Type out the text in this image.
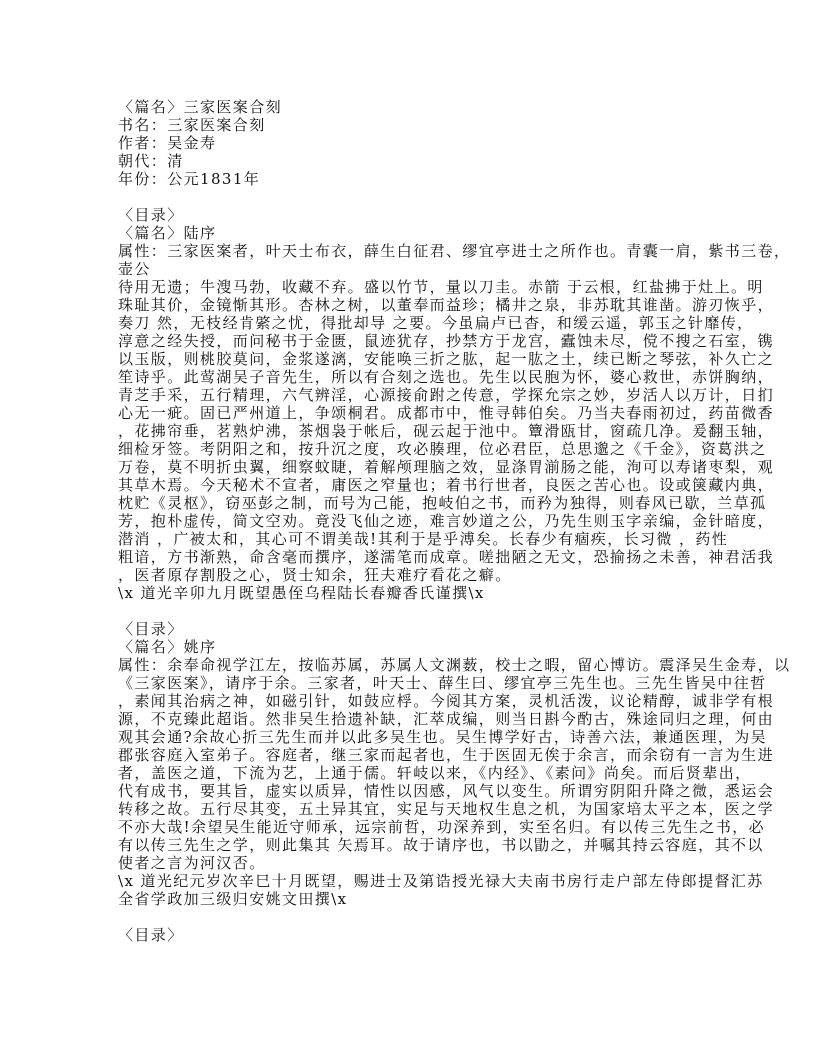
〈篇名〉三家医案合刻
书名：三家医案合刻
作者：吴金寿
朝代：清
年份：公元1831年
〈目录〉
〈篇名〉陆序
属性：三家医案者，叶天士布衣，薛生白征君、缪宜亭进士之所作也。青囊一肩，紫书三卷，
壶公
待用无遗；牛溲马勃，收藏不弃。盛以竹节，量以刀圭。赤箭 于云根，红盐拂于灶上。明
珠耻其价，金镜惭其形。杏林之树，以董奉而益珍；橘井之泉，非苏耽其谁凿。游刃恢乎，
奏刀 然，无枝经肯綮之忧，得批却导 之要。今虽扁卢已杳，和缓云遥，郭玉之针靡传，
淳意之经失授，而问秘书于金匮，鼠迹犹存，抄禁方于龙宫，蠹蚀未尽，傥不搜之石室，镌
以玉版，则桃胶莫问，金浆遂漓，安能唤三折之肱，起一肱之土，续已断之琴弦，补久亡之
笙诗乎。此莺湖吴子音先生，所以有合刻之选也。先生以民胞为怀，婆心救世，赤饼胸纳，
青芝手采，五行精理，六气辨淫，心源接俞跗之传意，学探允宗之妙，岁活人以万计，日扪
心无一疵。固已严州道上，争颂桐君。成都市中，惟寻韩伯矣。乃当夫春雨初过，药苗微香
，花拂帘垂，茗熟炉沸，茶烟袅于帐后，砚云起于池中。簟滑瓯甘，窗疏几净。爰翻玉轴，
细检牙签。考阴阳之和，按升沉之度，攻必腠理，位必君臣，总思邈之《千金》，资葛洪之
万卷，莫不明折虫翼，细察蚊睫，着解颅理脑之效，显涤胃湔肠之能，洵可以寿诸枣梨，观
其草木焉。今天秘术不宣者，庸医之窄量也；着书行世者，良医之苦心也。设或箧藏内典，
枕贮《灵枢》，窃巫彭之制，而号为己能，抱岐伯之书，而矜为独得，则春风已歇，兰草孤
芳，抱朴虚传，简文空劝。竟没飞仙之迹，难言妙道之公，乃先生则玉字亲编，金针暗度，
潜消 ，广被太和，其心可不谓美哉!其利于是乎溥矣。长春少有痼疾，长习微 ，药性
粗谙，方书渐熟，命含毫而撰序，遂濡笔而成章。嗟拙陋之无文，恐揄扬之未善，神君活我
，医者原存割股之心，贤士知余，狂夫难疗看花之癖。
\x 道光辛卯九月既望愚侄乌程陆长春瓣香氏谨撰\x
〈目录〉
〈篇名〉姚序
属性：余奉命视学江左，按临苏属，苏属人文渊薮，校士之暇，留心博访。震泽吴生金寿，以
《三家医案》，请序于余。三家者，叶天士、薛生曰、缪宜亭三先生也。三先生皆吴中往哲
，素闻其治病之神，如磁引针，如鼓应桴。今阅其方案，灵机活泼，议论精醇，诚非学有根
源，不克臻此超诣。然非吴生拾遗补缺，汇萃成编，则当日斟今酌古，殊途同归之理，何由
观其会通?余故心折三先生而并以此多吴生也。吴生博学好古，诗善六法，兼通医理，为吴
郡张容庭入室弟子。容庭者，继三家而起者也，生于医固无俟于余言，而余窃有一言为生进
者，盖医之道，下流为艺，上通于儒。轩岐以来，《内经》、《素问》尚矣。而后贤辈出，
代有成书，要其旨，虚实以质异，情性以因感，风气以变生。所谓穷阴阳升降之微，悉运会
转移之故。五行尽其变，五土异其宜，实足与天地权生息之机，为国家培太平之本，医之学
不亦大哉!余望吴生能近守师承，远宗前哲，功深养到，实至名归。有以传三先生之书，必
有以传三先生之学，则此集其 矢焉耳。故于请序也，书以勖之，并嘱其持云容庭，其不以
使者之言为河汉否。
\x 道光纪元岁次辛巳十月既望，赐进士及第诰授光禄大夫南书房行走户部左侍郎提督汇苏
全省学政加三级归安姚文田撰\x
〈目录〉
